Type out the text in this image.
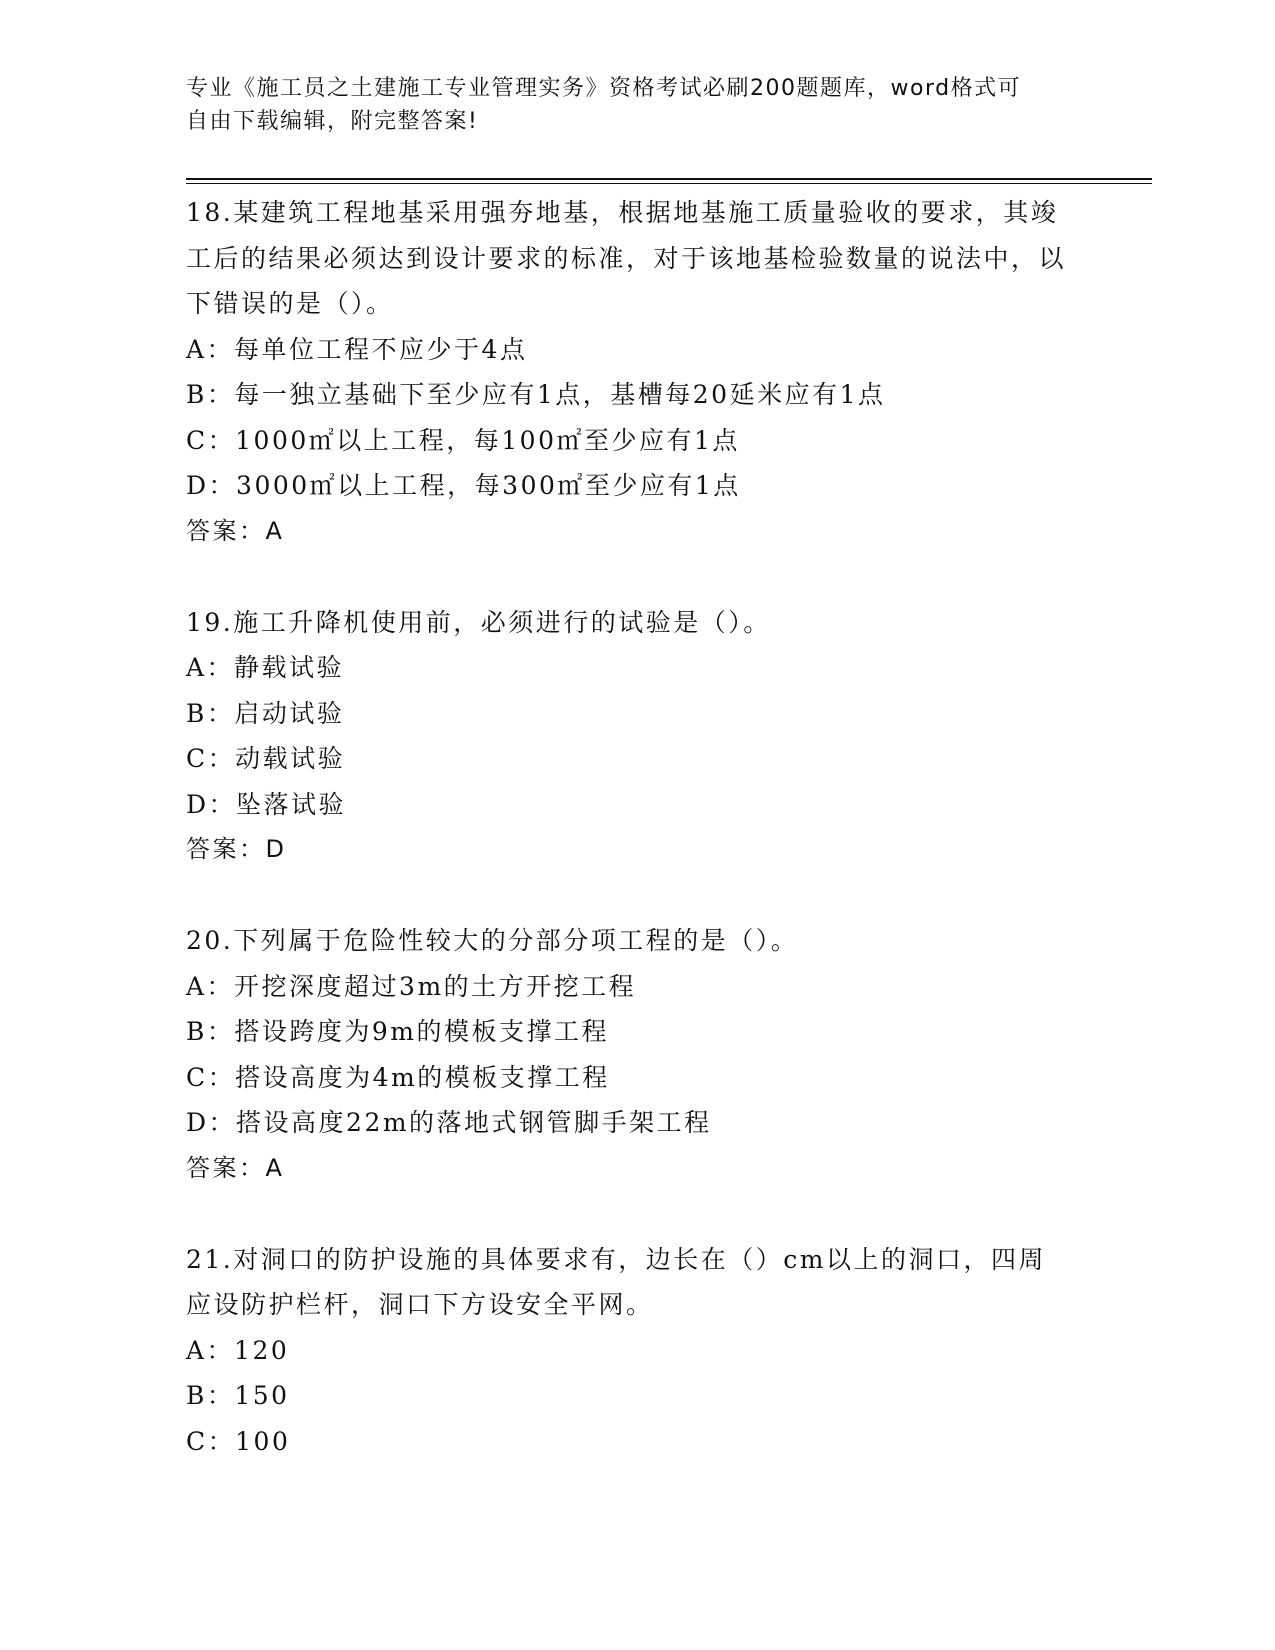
专业《施工员之土建施工专业管理实务》资格考试必刷200题题库，word格式可
自由下载编辑，附完整答案!

18.某建筑工程地基采用强夯地基，根据地基施工质量验收的要求，其竣工后的结果必须达到设计要求的标准，对于该地基检验数量的说法中，以下错误的是（）。

A：每单位工程不应少于4点

B：每一独立基础下至少应有1点，基槽每20延米应有1点

C：1000㎡以上工程，每100㎡至少应有1点

D：3000㎡以上工程，每300㎡至少应有1点

答案：A

19.施工升降机使用前，必须进行的试验是（）。

A：静载试验

B：启动试验

C：动载试验

D：坠落试验

答案：D

20.下列属于危险性较大的分部分项工程的是（）。

A：开挖深度超过3m的土方开挖工程

B：搭设跨度为9m的模板支撑工程

C：搭设高度为4m的模板支撑工程

D：搭设高度22m的落地式钢管脚手架工程

答案：A

21.对洞口的防护设施的具体要求有，边长在（）cm以上的洞口，四周应设防护栏杆，洞口下方设安全平网。

A：120

B：150

C：100
